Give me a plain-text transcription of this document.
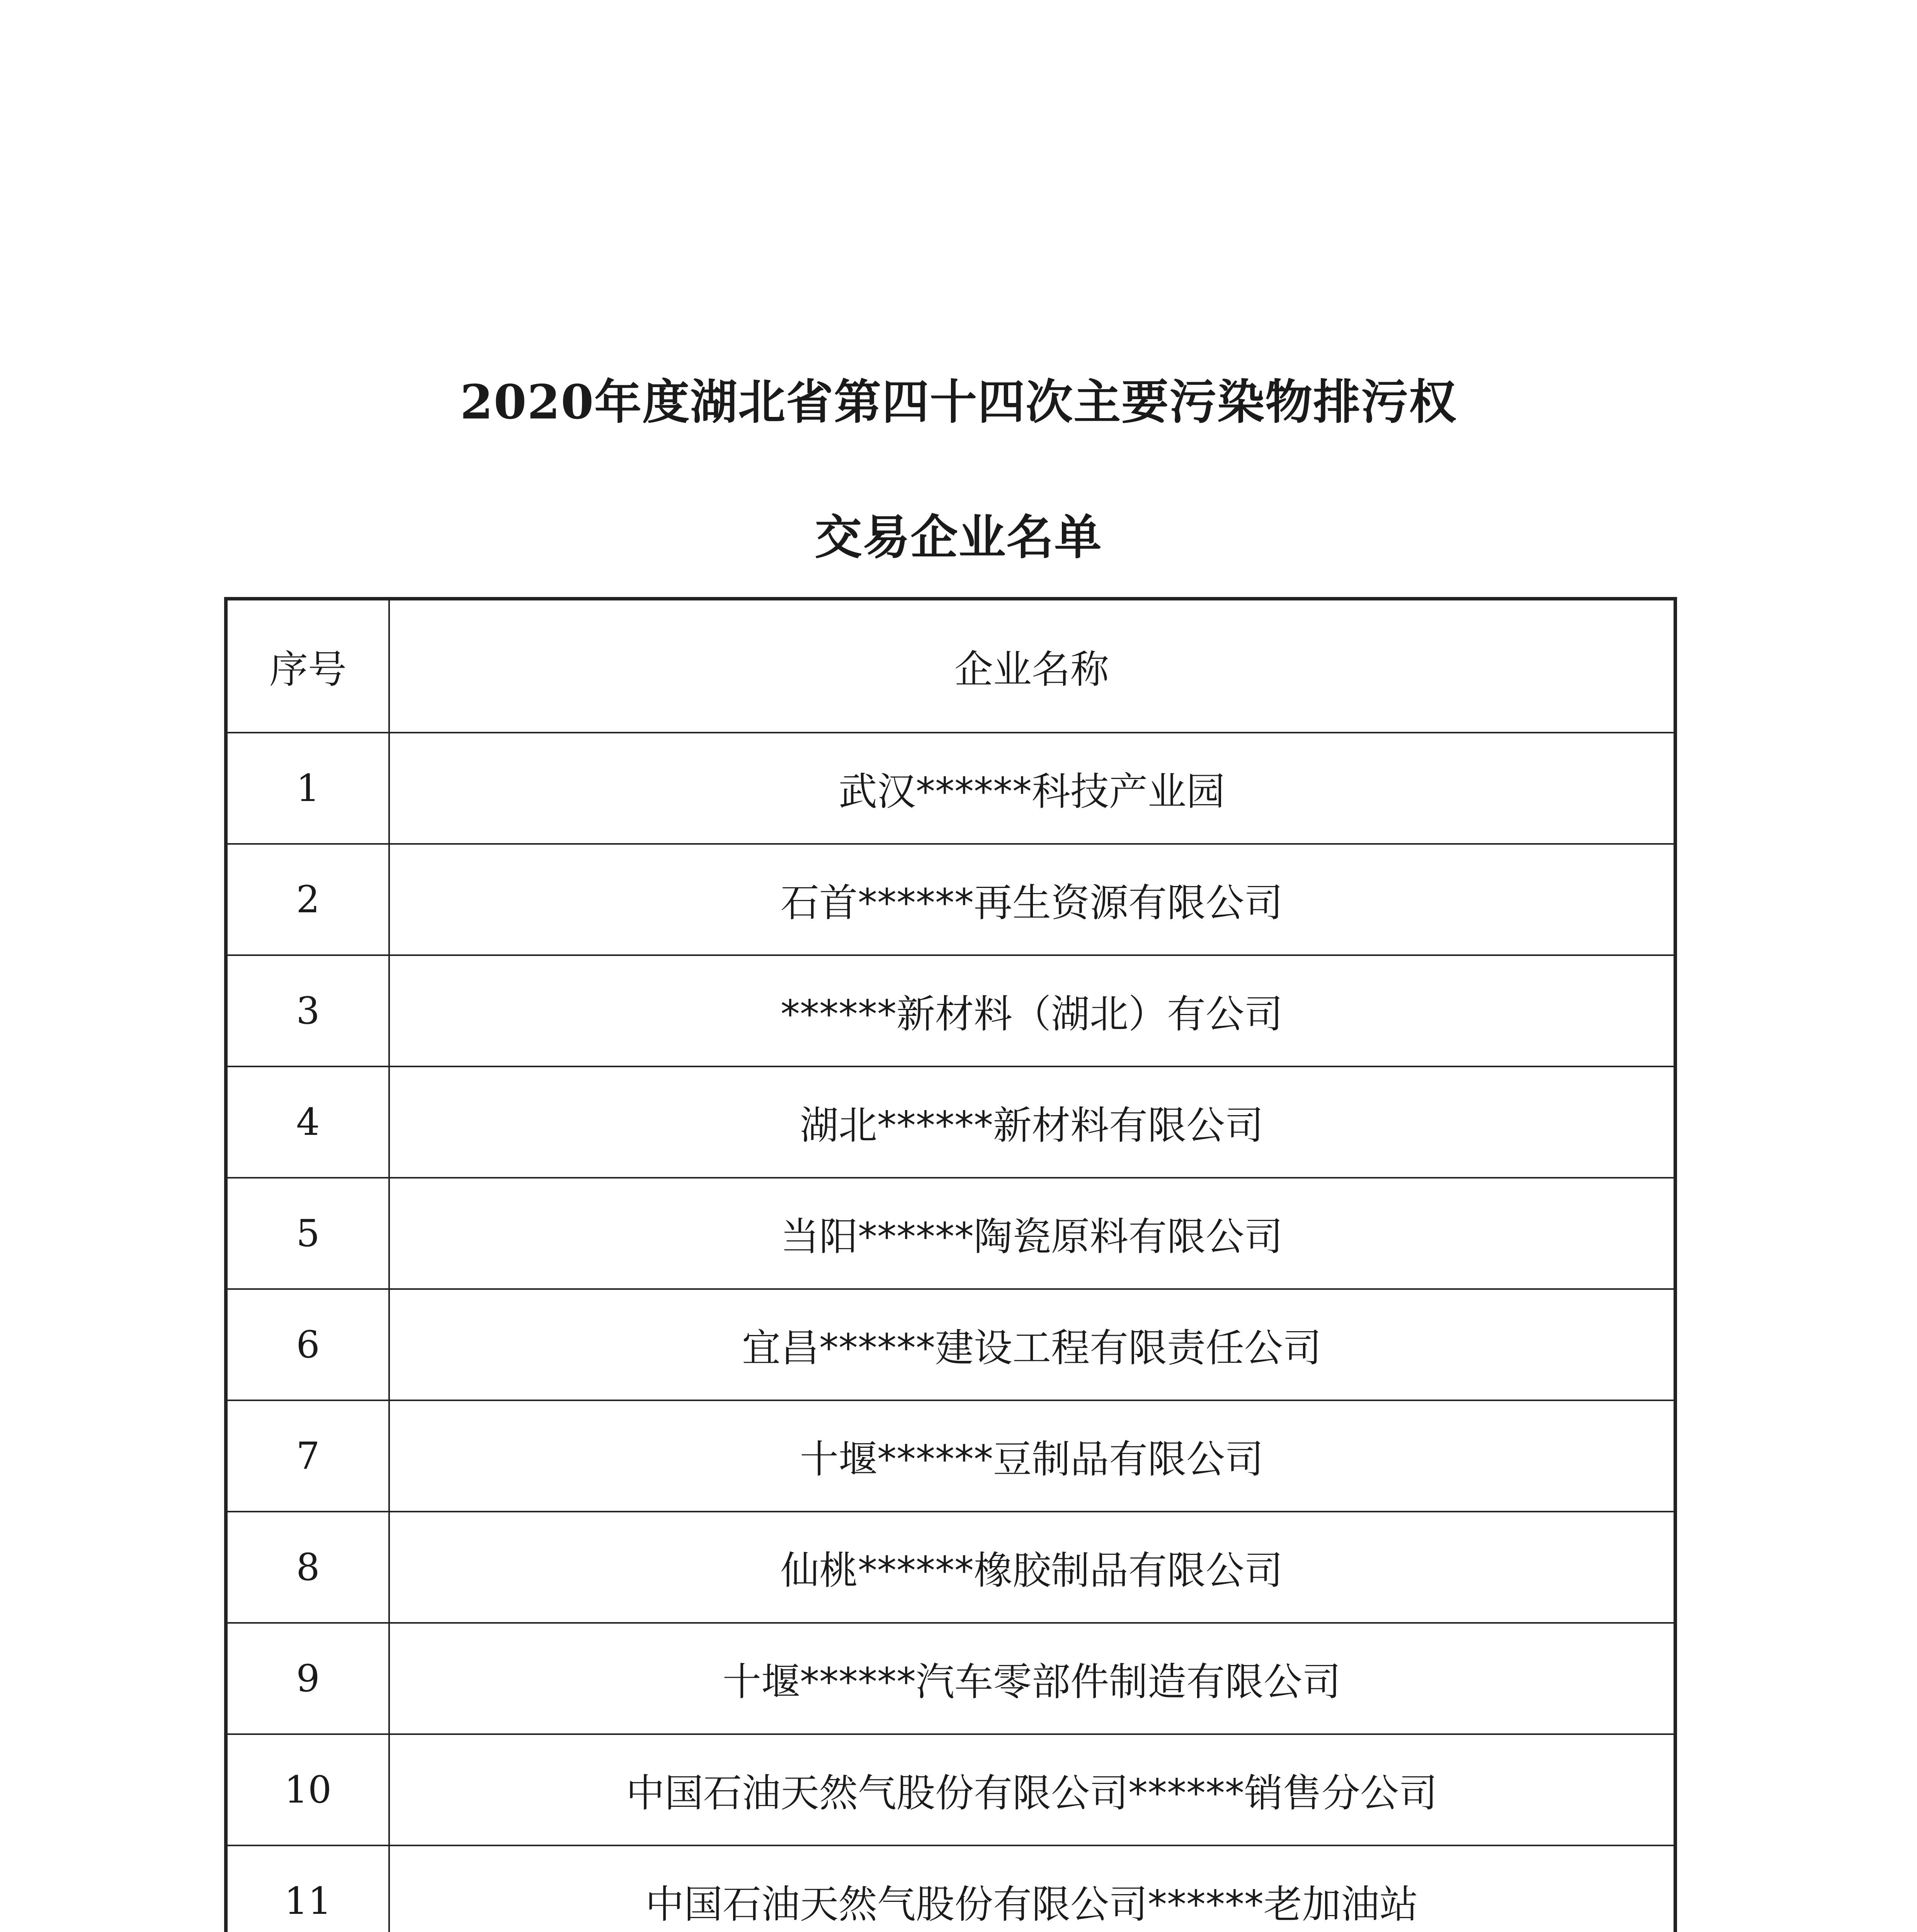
2020年度湖北省第四十四次主要污染物排污权
交易企业名单
序号	企业名称
1	武汉******科技产业园
2	石首******再生资源有限公司
3	******新材料（湖北）有公司
4	湖北******新材料有限公司
5	当阳******陶瓷原料有限公司
6	宜昌******建设工程有限责任公司
7	十堰******豆制品有限公司
8	仙桃******橡胶制品有限公司
9	十堰******汽车零部件制造有限公司
10	中国石油天然气股份有限公司******销售分公司
11	中国石油天然气股份有限公司******老加油站
